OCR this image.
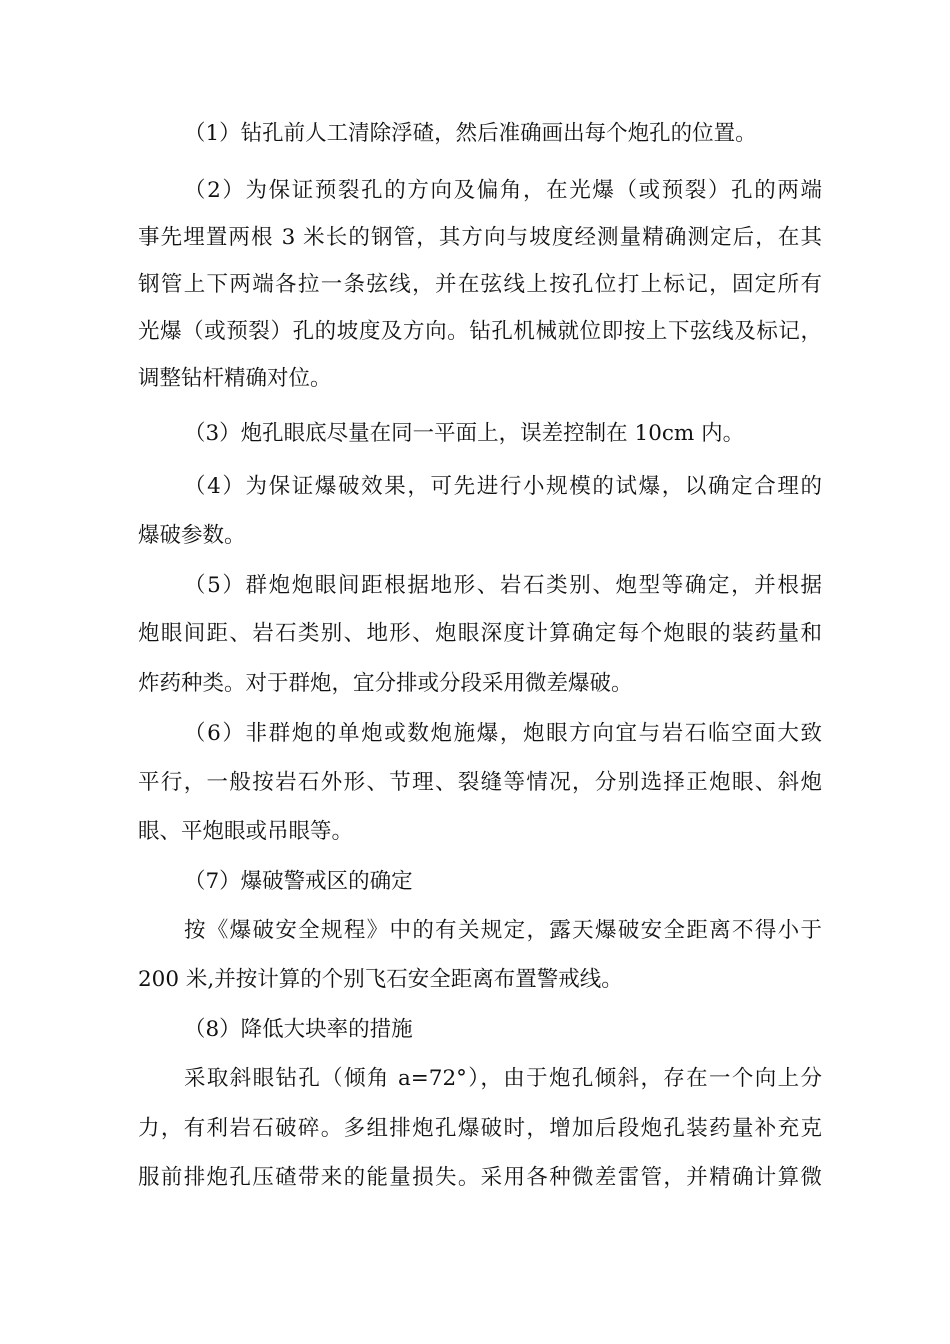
（1）钻孔前人工清除浮碴，然后准确画出每个炮孔的位置。
（2）为保证预裂孔的方向及偏角，在光爆（或预裂）孔的两端
事先埋置两根 3 米长的钢管，其方向与坡度经测量精确测定后，在其
钢管上下两端各拉一条弦线，并在弦线上按孔位打上标记，固定所有
光爆（或预裂）孔的坡度及方向。钻孔机械就位即按上下弦线及标记，
调整钻杆精确对位。
（3）炮孔眼底尽量在同一平面上，误差控制在 10cm 内。
（4）为保证爆破效果，可先进行小规模的试爆，以确定合理的
爆破参数。
（5）群炮炮眼间距根据地形、岩石类别、炮型等确定，并根据
炮眼间距、岩石类别、地形、炮眼深度计算确定每个炮眼的装药量和
炸药种类。对于群炮，宜分排或分段采用微差爆破。
（6）非群炮的单炮或数炮施爆，炮眼方向宜与岩石临空面大致
平行，一般按岩石外形、节理、裂缝等情况，分别选择正炮眼、斜炮
眼、平炮眼或吊眼等。
（7）爆破警戒区的确定
按《爆破安全规程》中的有关规定，露天爆破安全距离不得小于
200 米,并按计算的个别飞石安全距离布置警戒线。
（8）降低大块率的措施
采取斜眼钻孔（倾角 a=72°），由于炮孔倾斜，存在一个向上分
力，有利岩石破碎。多组排炮孔爆破时，增加后段炮孔装药量补充克
服前排炮孔压碴带来的能量损失。采用各种微差雷管，并精确计算微
